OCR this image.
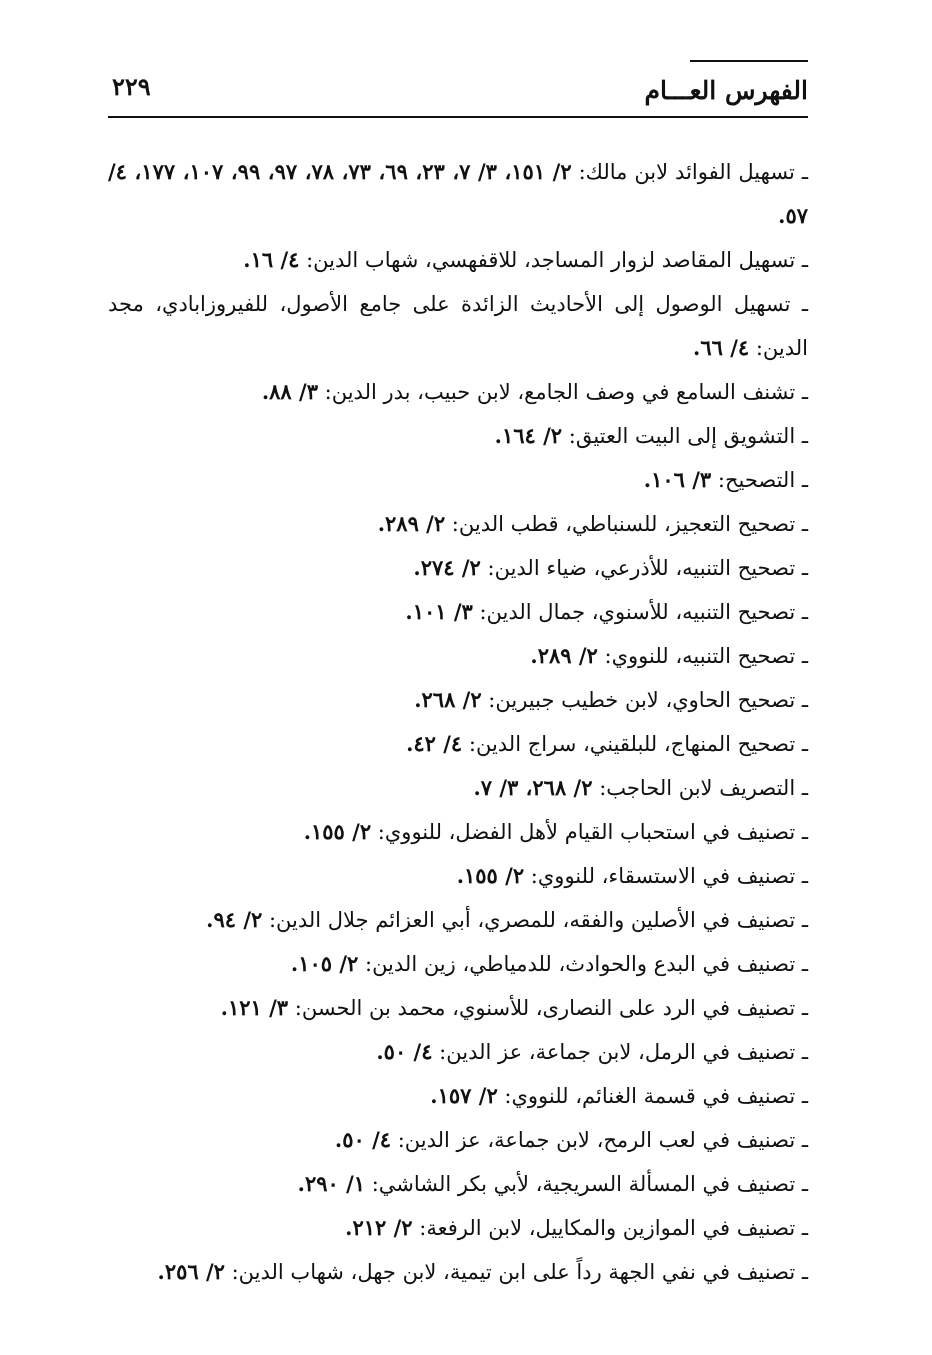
الفهرس العـــام
٢٢٩
ـ تسهيل الفوائد لابن مالك: ٢/ ١٥١، ٣/ ٧، ٢٣، ٦٩، ٧٣، ٧٨، ٩٧، ٩٩، ١٠٧، ١٧٧، ٤/ ٥٧.
ـ تسهيل المقاصد لزوار المساجد، للاقفهسي، شهاب الدين: ٤/ ١٦.
ـ تسهيل الوصول إلى الأحاديث الزائدة على جامع الأصول، للفيروزابادي، مجد الدين: ٤/ ٦٦.
ـ تشنف السامع في وصف الجامع، لابن حبيب، بدر الدين: ٣/ ٨٨.
ـ التشويق إلى البيت العتيق: ٢/ ١٦٤.
ـ التصحيح: ٣/ ١٠٦.
ـ تصحيح التعجيز، للسنباطي، قطب الدين: ٢/ ٢٨٩.
ـ تصحيح التنبيه، للأذرعي، ضياء الدين: ٢/ ٢٧٤.
ـ تصحيح التنبيه، للأسنوي، جمال الدين: ٣/ ١٠١.
ـ تصحيح التنبيه، للنووي: ٢/ ٢٨٩.
ـ تصحيح الحاوي، لابن خطيب جبيرين: ٢/ ٢٦٨.
ـ تصحيح المنهاج، للبلقيني، سراج الدين: ٤/ ٤٢.
ـ التصريف لابن الحاجب: ٢/ ٢٦٨، ٣/ ٧.
ـ تصنيف في استحباب القيام لأهل الفضل، للنووي: ٢/ ١٥٥.
ـ تصنيف في الاستسقاء، للنووي: ٢/ ١٥٥.
ـ تصنيف في الأصلين والفقه، للمصري، أبي العزائم جلال الدين: ٢/ ٩٤.
ـ تصنيف في البدع والحوادث، للدمياطي، زين الدين: ٢/ ١٠٥.
ـ تصنيف في الرد على النصارى، للأسنوي، محمد بن الحسن: ٣/ ١٢١.
ـ تصنيف في الرمل، لابن جماعة، عز الدين: ٤/ ٥٠.
ـ تصنيف في قسمة الغنائم، للنووي: ٢/ ١٥٧.
ـ تصنيف في لعب الرمح، لابن جماعة، عز الدين: ٤/ ٥٠.
ـ تصنيف في المسألة السريجية، لأبي بكر الشاشي: ١/ ٢٩٠.
ـ تصنيف في الموازين والمكاييل، لابن الرفعة: ٢/ ٢١٢.
ـ تصنيف في نفي الجهة رداً على ابن تيمية، لابن جهل، شهاب الدين: ٢/ ٢٥٦.
